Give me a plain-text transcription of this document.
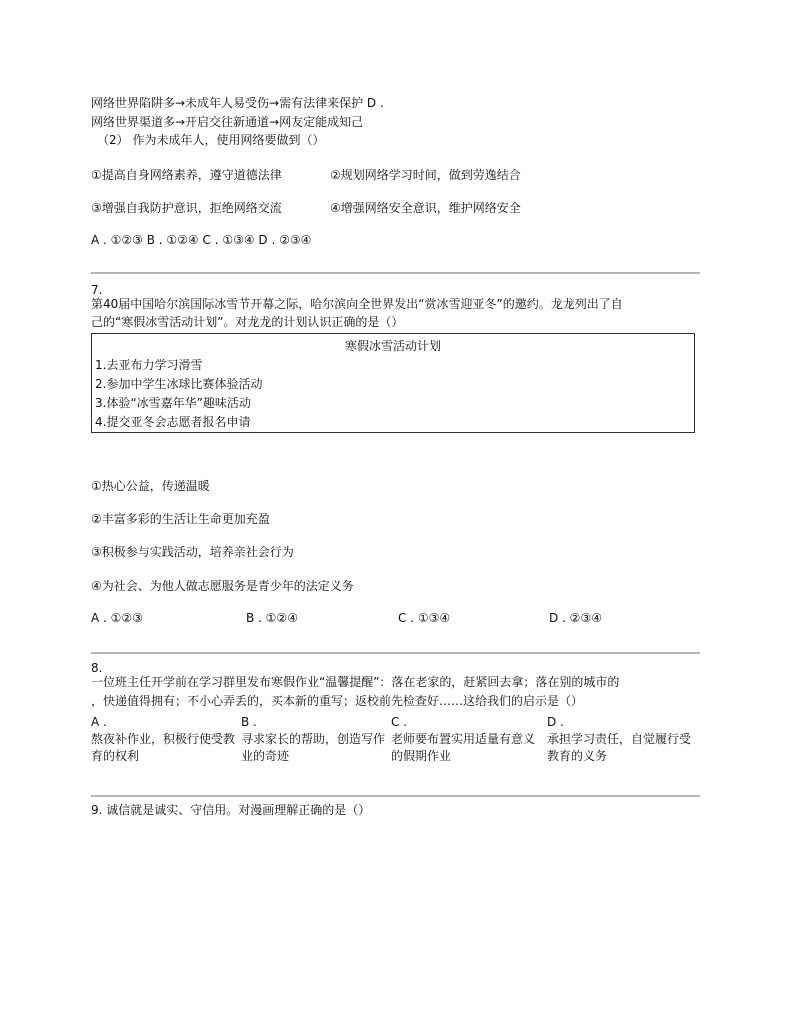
网络世界陷阱多→未成年人易受伤→需有法律来保护 D .
网络世界渠道多→开启交往新通道→网友定能成知己
（2） 作为未成年人，使用网络要做到（）
①提高自身网络素养，遵守道德法律	②规划网络学习时间，做到劳逸结合
③增强自我防护意识，拒绝网络交流	④增强网络安全意识，维护网络安全
A . ①②③ B . ①②④ C . ①③④ D . ②③④
7.
第40届中国哈尔滨国际冰雪节开幕之际，哈尔滨向全世界发出“赏冰雪迎亚冬”的邀约。龙龙列出了自
己的“寒假冰雪活动计划”。对龙龙的计划认识正确的是（）
寒假冰雪活动计划
1.去亚布力学习滑雪
2.参加中学生冰球比赛体验活动
3.体验“冰雪嘉年华”趣味活动
4.提交亚冬会志愿者报名申请
①热心公益，传递温暖
②丰富多彩的生活让生命更加充盈
③积极参与实践活动，培养亲社会行为
④为社会、为他人做志愿服务是青少年的法定义务
A . ①②③	B . ①②④	C . ①③④	D . ②③④
8.
一位班主任开学前在学习群里发布寒假作业“温馨提醒”：落在老家的，赶紧回去拿；落在别的城市的
，快递值得拥有；不小心弄丢的，买本新的重写；返校前先检查好……这给我们的启示是（）
A .
熬夜补作业，积极行使受教育的权利
B .
寻求家长的帮助，创造写作业的奇迹
C .
老师要布置实用适量有意义的假期作业
D .
承担学习责任，自觉履行受教育的义务
9. 诚信就是诚实、守信用。对漫画理解正确的是（）
